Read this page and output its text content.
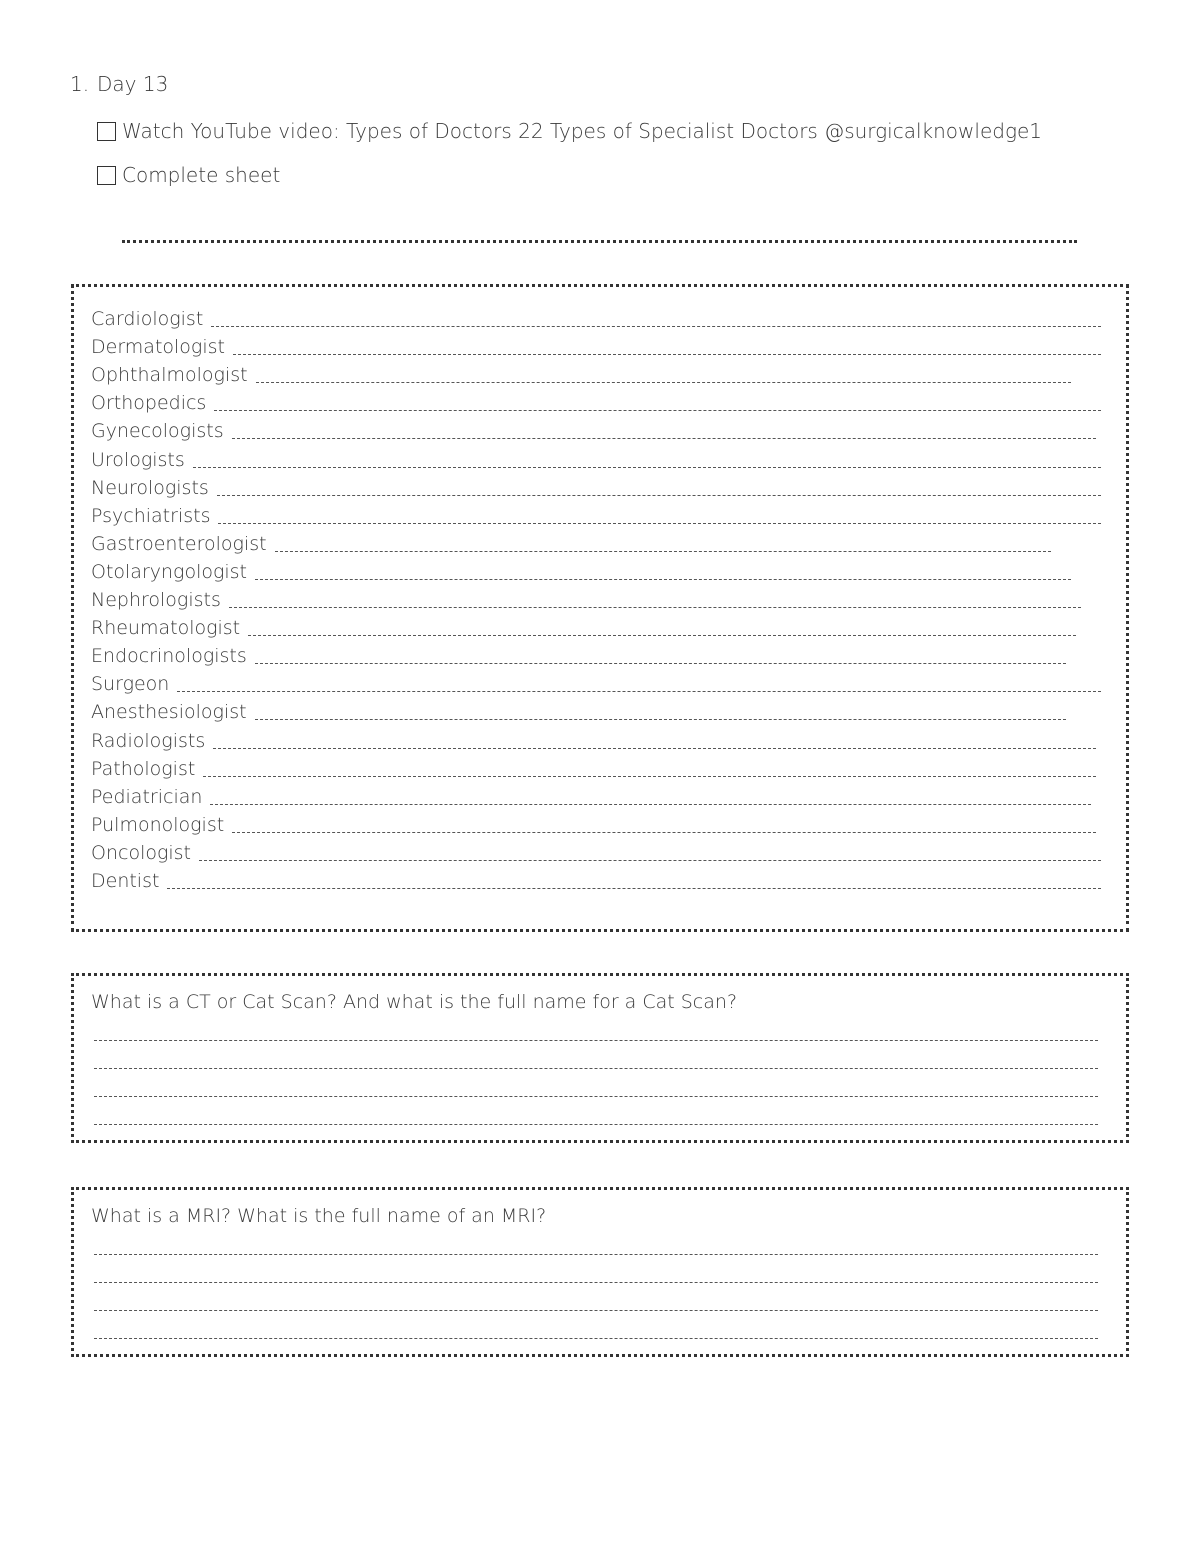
1. Day 13
Watch YouTube video: Types of Doctors 22 Types of Specialist Doctors @surgicalknowledge1
Complete sheet
Cardiologist
Dermatologist
Ophthalmologist
Orthopedics
Gynecologists
Urologists
Neurologists
Psychiatrists
Gastroenterologist
Otolaryngologist
Nephrologists
Rheumatologist
Endocrinologists
Surgeon
Anesthesiologist
Radiologists
Pathologist
Pediatrician
Pulmonologist
Oncologist
Dentist
What is a CT or Cat Scan? And what is the full name for a Cat Scan?
What is a MRI? What is the full name of an MRI?
